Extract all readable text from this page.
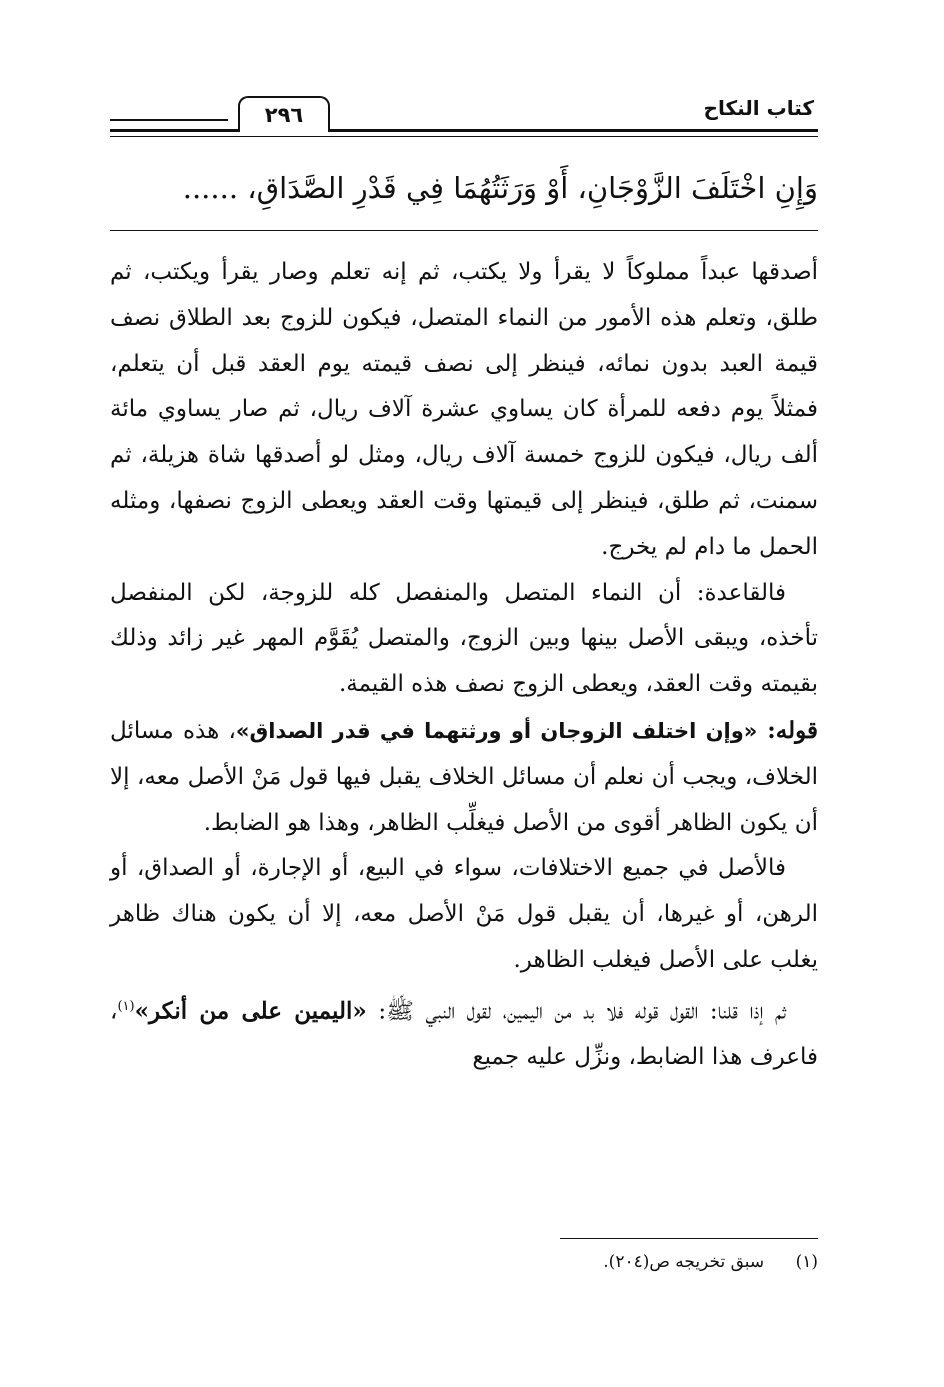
٢٩٦	كتاب النكاح
وَإِنِ اخْتَلَفَ الزَّوْجَانِ، أَوْ وَرَثَتُهُمَا فِي قَدْرِ الصَّدَاقِ، ......

أصدقها عبداً مملوكاً لا يقرأ ولا يكتب، ثم إنه تعلم وصار يقرأ ويكتب، ثم طلق، وتعلم هذه الأمور من النماء المتصل، فيكون للزوج بعد الطلاق نصف قيمة العبد بدون نمائه، فينظر إلى نصف قيمته يوم العقد قبل أن يتعلم، فمثلاً يوم دفعه للمرأة كان يساوي عشرة آلاف ريال، ثم صار يساوي مائة ألف ريال، فيكون للزوج خمسة آلاف ريال، ومثل لو أصدقها شاة هزيلة، ثم سمنت، ثم طلق، فينظر إلى قيمتها وقت العقد ويعطى الزوج نصفها، ومثله الحمل ما دام لم يخرج.

فالقاعدة: أن النماء المتصل والمنفصل كله للزوجة، لكن المنفصل تأخذه، ويبقى الأصل بينها وبين الزوج، والمتصل يُقَوَّم المهر غير زائد وذلك بقيمته وقت العقد، ويعطى الزوج نصف هذه القيمة.

قوله: «وإن اختلف الزوجان أو ورثتهما في قدر الصداق»، هذه مسائل الخلاف، ويجب أن نعلم أن مسائل الخلاف يقبل فيها قول مَنْ الأصل معه، إلا أن يكون الظاهر أقوى من الأصل فيغلِّب الظاهر، وهذا هو الضابط.

فالأصل في جميع الاختلافات، سواء في البيع، أو الإجارة، أو الصداق، أو الرهن، أو غيرها، أن يقبل قول مَنْ الأصل معه، إلا أن يكون هناك ظاهر يغلب على الأصل فيغلب الظاهر.

ثم إذا قلنا: القول قوله فلا بد من اليمين، لقول النبي ﷺ: «اليمين على من أنكر»$^{(١)}$، فاعرف هذا الضابط، ونزِّل عليه جميع

(١) سبق تخريجه ص(٢٠٤).
